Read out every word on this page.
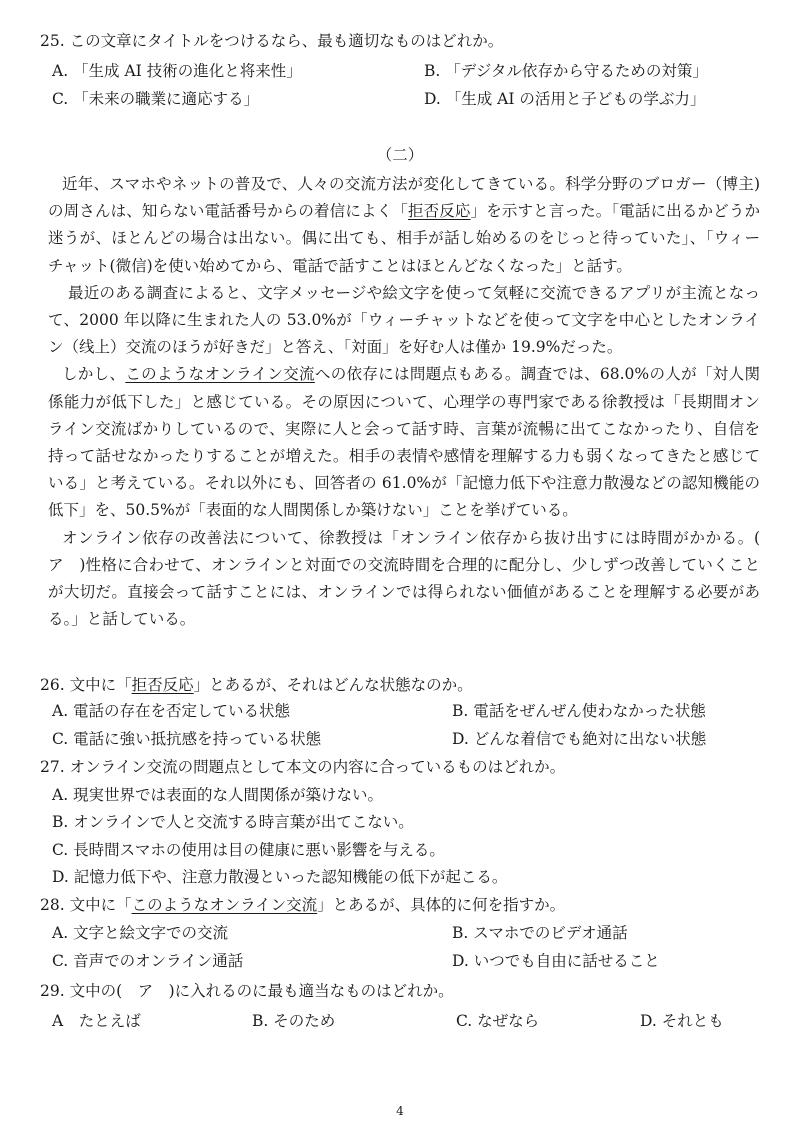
25. この文章にタイトルをつけるなら、最も適切なものはどれか。
A. 「生成 AI 技術の進化と将来性」	B. 「デジタル依存から守るための対策」
C. 「未来の職業に適応する」	D. 「生成 AI の活用と子どもの学ぶ力」
（二）

近年、スマホやネットの普及で、人々の交流方法が変化してきている。科学分野のブロガー（博主)の周さんは、知らない電話番号からの着信によく「拒否反応」を示すと言った。「電話に出るかどうか迷うが、ほとんどの場合は出ない。偶に出ても、相手が話し始めるのをじっと待っていた」、「ウィーチャット(微信)を使い始めてから、電話で話すことはほとんどなくなった」と話す。

最近のある調査によると、文字メッセージや絵文字を使って気軽に交流できるアプリが主流となって、2000 年以降に生まれた人の 53.0%が「ウィーチャットなどを使って文字を中心としたオンライン（线上）交流のほうが好きだ」と答え、「対面」を好む人は僅か 19.9%だった。

しかし、このようなオンライン交流への依存には問題点もある。調査では、68.0%の人が「対人関係能力が低下した」と感じている。その原因について、心理学の専門家である徐教授は「長期間オンライン交流ばかりしているので、実際に人と会って話す時、言葉が流暢に出てこなかったり、自信を持って話せなかったりすることが増えた。相手の表情や感情を理解する力も弱くなってきたと感じている」と考えている。それ以外にも、回答者の 61.0%が「記憶力低下や注意力散漫などの認知機能の低下」を、50.5%が「表面的な人間関係しか築けない」ことを挙げている。

オンライン依存の改善法について、徐教授は「オンライン依存から抜け出すには時間がかかる。(　ア　)性格に合わせて、オンラインと対面での交流時間を合理的に配分し、少しずつ改善していくことが大切だ。直接会って話すことには、オンラインでは得られない価値があることを理解する必要がある。」と話している。

26. 文中に「拒否反応」とあるが、それはどんな状態なのか。
A. 電話の存在を否定している状態	B. 電話をぜんぜん使わなかった状態
C. 電話に強い抵抗感を持っている状態	D. どんな着信でも絶対に出ない状態
27. オンライン交流の問題点として本文の内容に合っているものはどれか。
A. 現実世界では表面的な人間関係が築けない。
B. オンラインで人と交流する時言葉が出てこない。
C. 長時間スマホの使用は目の健康に悪い影響を与える。
D. 記憶力低下や、注意力散漫といった認知機能の低下が起こる。
28. 文中に「このようなオンライン交流」とあるが、具体的に何を指すか。
A. 文字と絵文字での交流	B. スマホでのビデオ通話
C. 音声でのオンライン通話	D. いつでも自由に話せること
29. 文中の(　ア　)に入れるのに最も適当なものはどれか。
A　たとえば	B. そのため	C. なぜなら	D. それとも
4
